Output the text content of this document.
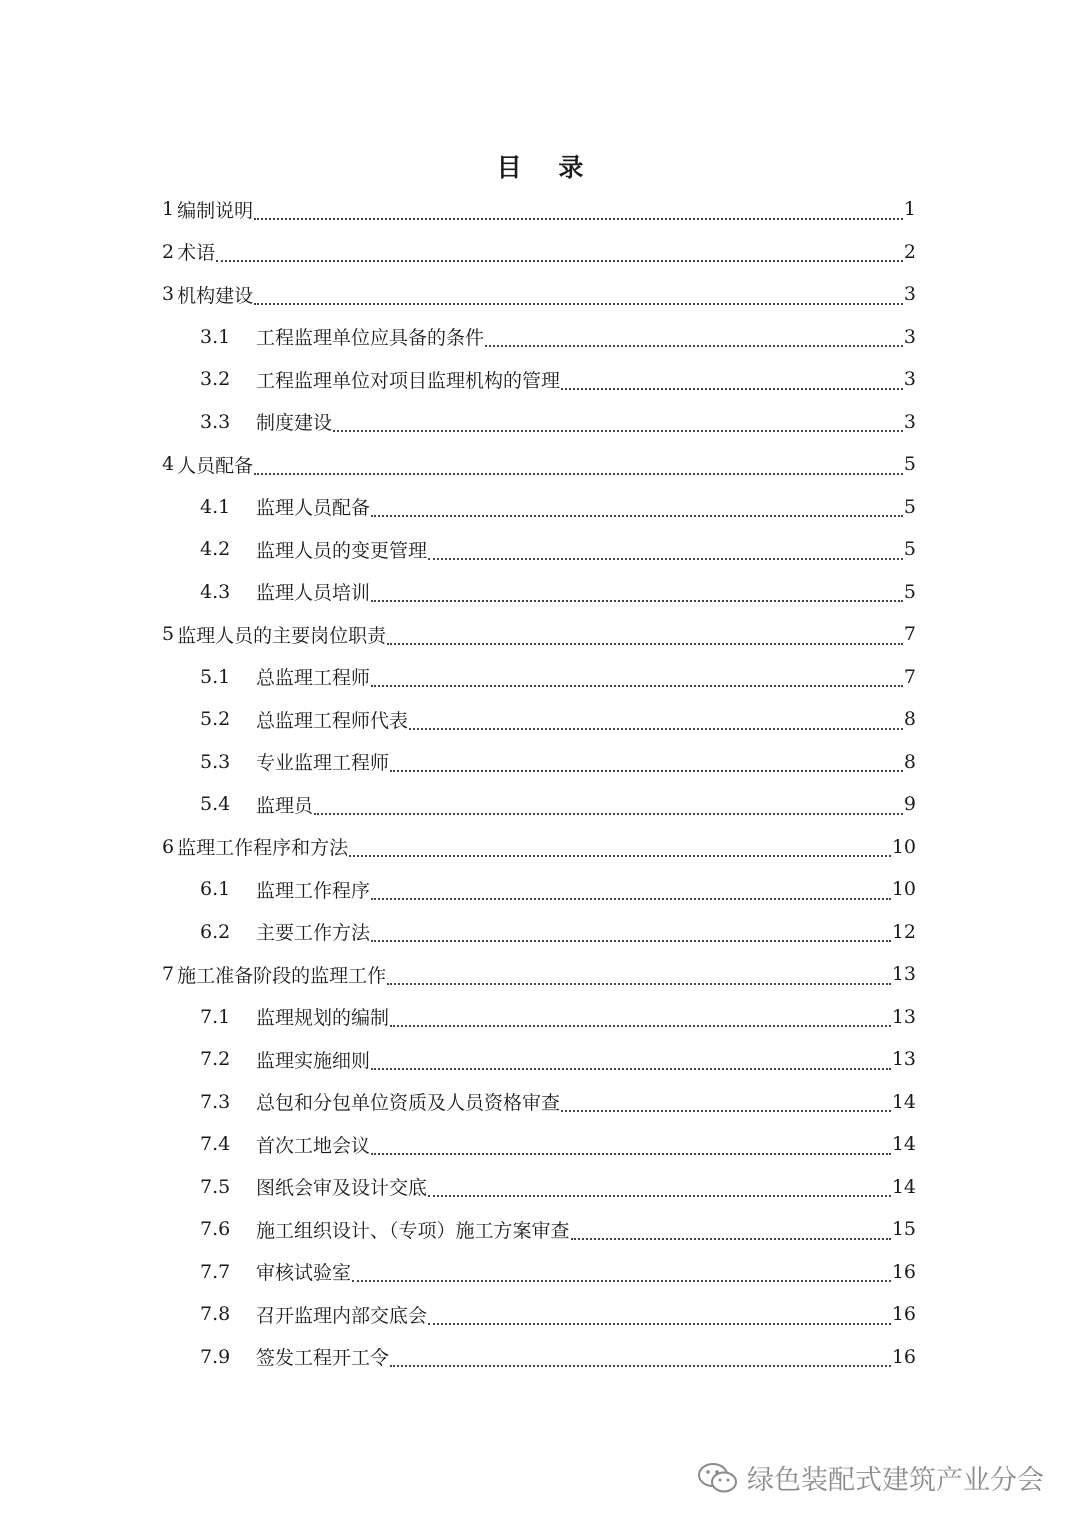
目 录
1 编制说明	1
2 术语	2
3 机构建设	3
3.1	工程监理单位应具备的条件	3
3.2	工程监理单位对项目监理机构的管理	3
3.3	制度建设	3
4 人员配备	5
4.1	监理人员配备	5
4.2	监理人员的变更管理	5
4.3	监理人员培训	5
5 监理人员的主要岗位职责	7
5.1	总监理工程师	7
5.2	总监理工程师代表	8
5.3	专业监理工程师	8
5.4	监理员	9
6 监理工作程序和方法	10
6.1	监理工作程序	10
6.2	主要工作方法	12
7 施工准备阶段的监理工作	13
7.1	监理规划的编制	13
7.2	监理实施细则	13
7.3	总包和分包单位资质及人员资格审查	14
7.4	首次工地会议	14
7.5	图纸会审及设计交底	14
7.6	施工组织设计、（专项）施工方案审查	15
7.7	审核试验室	16
7.8	召开监理内部交底会	16
7.9	签发工程开工令	16
绿色装配式建筑产业分会
